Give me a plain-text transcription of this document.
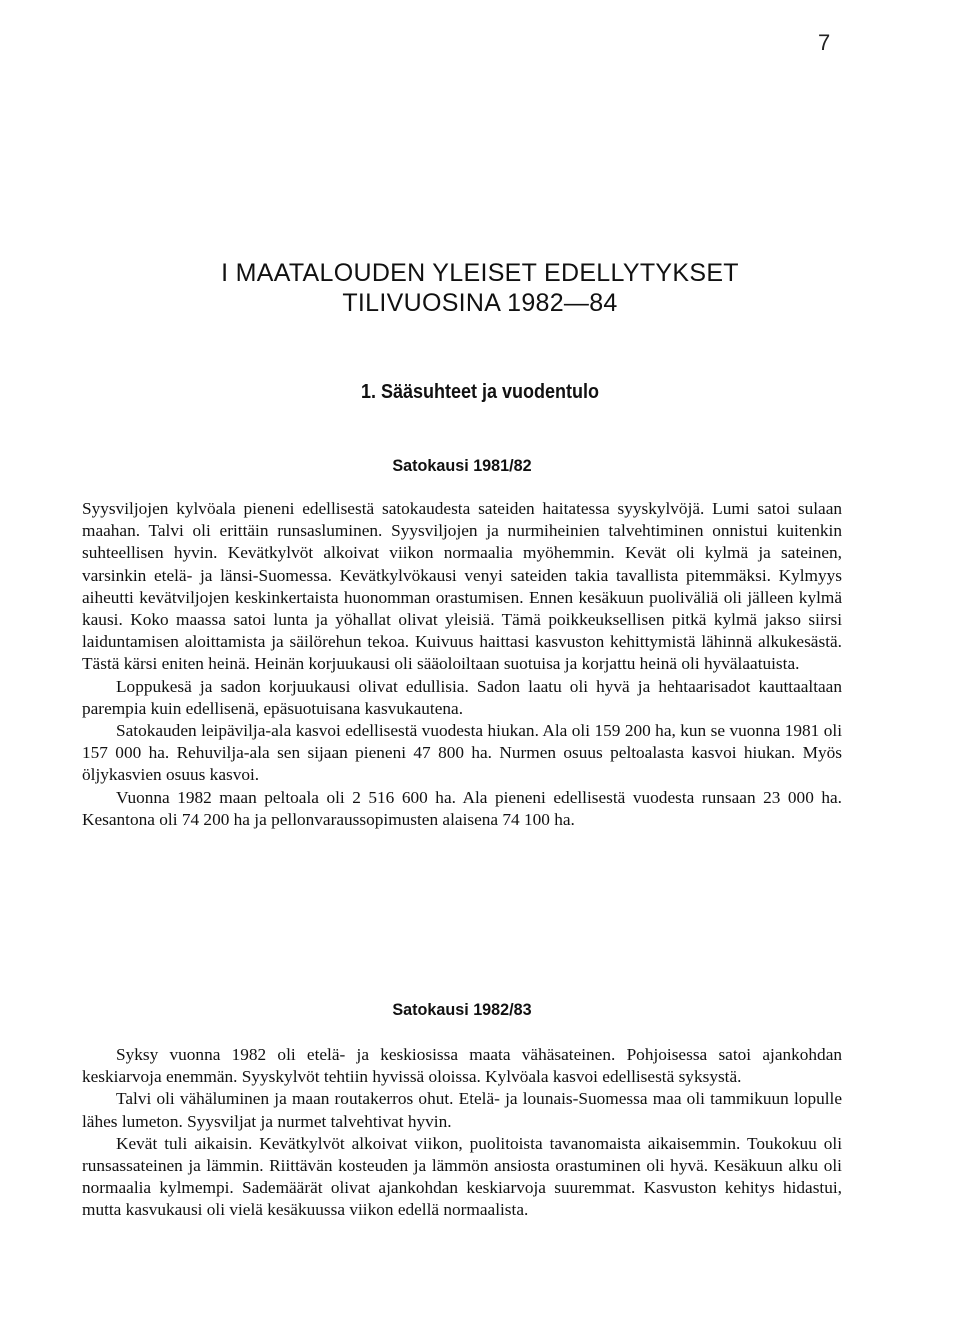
7
I MAATALOUDEN YLEISET EDELLYTYKSET
TILIVUOSINA 1982—84
1. Sääsuhteet ja vuodentulo
Satokausi 1981/82

Syysviljojen kylvöala pieneni edellisestä satokaudesta sateiden haitatessa syyskylvöjä. Lumi satoi sulaan maahan. Talvi oli erittäin runsasluminen. Syysviljojen ja nurmiheinien talvehtiminen onnistui kuitenkin suhteellisen hyvin. Kevätkylvöt alkoivat viikon normaalia myöhemmin. Kevät oli kylmä ja sateinen, varsinkin etelä- ja länsi-Suomessa. Kevätkylvökausi venyi sateiden takia tavallista pitemmäksi. Kylmyys aiheutti kevätviljojen keskinkertaista huonomman orastumisen. Ennen kesäkuun puoliväliä oli jälleen kylmä kausi. Koko maassa satoi lunta ja yöhallat olivat yleisiä. Tämä poikkeuksellisen pitkä kylmä jakso siirsi laiduntamisen aloittamista ja säilörehun tekoa. Kuivuus haittasi kasvuston kehittymistä lähinnä alkukesästä. Tästä kärsi eniten heinä. Heinän korjuukausi oli sääoloiltaan suotuisa ja korjattu heinä oli hyvälaatuista.

Loppukesä ja sadon korjuukausi olivat edullisia. Sadon laatu oli hyvä ja hehtaarisadot kauttaaltaan parempia kuin edellisenä, epäsuotuisana kasvukautena.

Satokauden leipävilja-ala kasvoi edellisestä vuodesta hiukan. Ala oli 159 200 ha, kun se vuonna 1981 oli 157 000 ha. Rehuvilja-ala sen sijaan pieneni 47 800 ha. Nurmen osuus peltoalasta kasvoi hiukan. Myös öljykasvien osuus kasvoi.

Vuonna 1982 maan peltoala oli 2 516 600 ha. Ala pieneni edellisestä vuodesta runsaan 23 000 ha. Kesantona oli 74 200 ha ja pellonvaraussopimusten alaisena 74 100 ha.

Satokausi 1982/83

Syksy vuonna 1982 oli etelä- ja keskiosissa maata vähäsateinen. Pohjoisessa satoi ajankohdan keskiarvoja enemmän. Syyskylvöt tehtiin hyvissä oloissa. Kylvöala kasvoi edellisestä syksystä.

Talvi oli vähäluminen ja maan routakerros ohut. Etelä- ja lounais-Suomessa maa oli tammikuun lopulle lähes lumeton. Syysviljat ja nurmet talvehtivat hyvin.

Kevät tuli aikaisin. Kevätkylvöt alkoivat viikon, puolitoista tavanomaista aikaisemmin. Toukokuu oli runsassateinen ja lämmin. Riittävän kosteuden ja lämmön ansiosta orastuminen oli hyvä. Kesäkuun alku oli normaalia kylmempi. Sademäärät olivat ajankohdan keskiarvoja suuremmat. Kasvuston kehitys hidastui, mutta kasvukausi oli vielä kesäkuussa viikon edellä normaalista.
